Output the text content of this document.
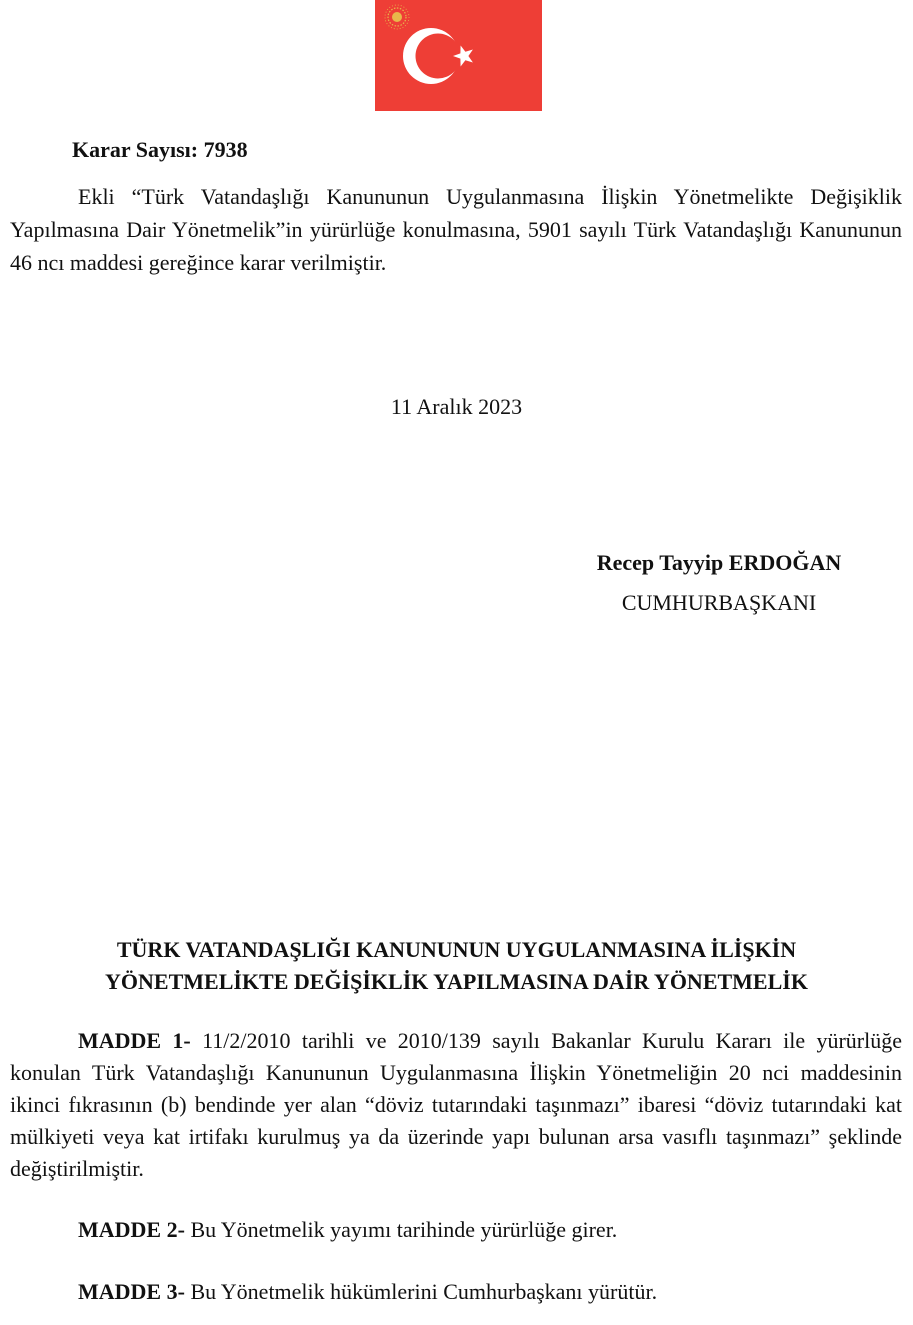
Karar Sayısı: 7938

Ekli “Türk Vatandaşlığı Kanununun Uygulanmasına İlişkin Yönetmelikte Değişiklik Yapılmasına Dair Yönetmelik”in yürürlüğe konulmasına, 5901 sayılı Türk Vatandaşlığı Kanununun 46 ncı maddesi gereğince karar verilmiştir.

11 Aralık 2023
Recep Tayyip ERDOĞAN
CUMHURBAŞKANI
TÜRK VATANDAŞLIĞI KANUNUNUN UYGULANMASINA İLİŞKİN
YÖNETMELİKTE DEĞİŞİKLİK YAPILMASINA DAİR YÖNETMELİK

MADDE 1- 11/2/2010 tarihli ve 2010/139 sayılı Bakanlar Kurulu Kararı ile yürürlüğe konulan Türk Vatandaşlığı Kanununun Uygulanmasına İlişkin Yönetmeliğin 20 nci maddesinin ikinci fıkrasının (b) bendinde yer alan “döviz tutarındaki taşınmazı” ibaresi “döviz tutarındaki kat mülkiyeti veya kat irtifakı kurulmuş ya da üzerinde yapı bulunan arsa vasıflı taşınmazı” şeklinde değiştirilmiştir.

MADDE 2- Bu Yönetmelik yayımı tarihinde yürürlüğe girer.

MADDE 3- Bu Yönetmelik hükümlerini Cumhurbaşkanı yürütür.
